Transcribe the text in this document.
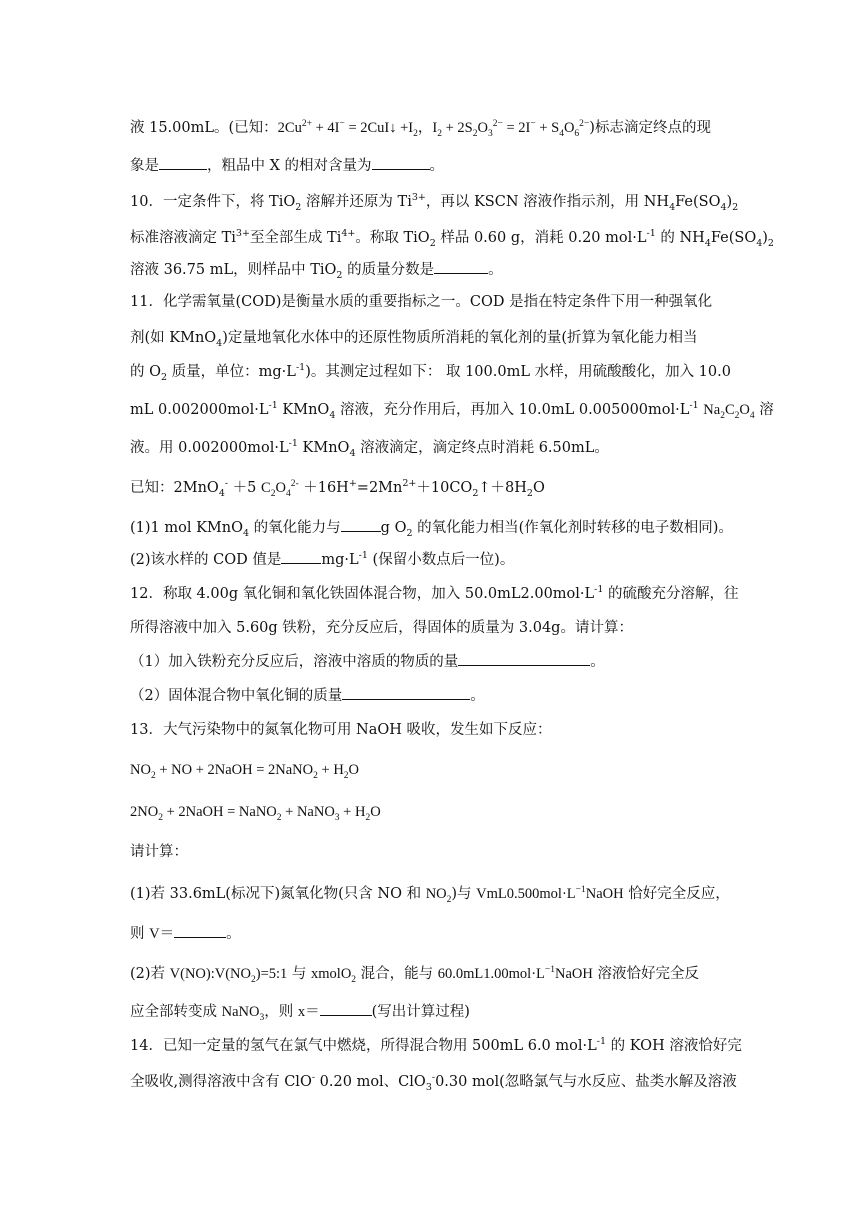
液 15.00mL。(已知：$2Cu^{2+} + 4I^-$ = 2CuI↓ $+I_2$，$I_2 + 2S_2O_3^{2-} = 2I^- + S_4O_6^{2-}$)标志滴定终点的现
象是	，粗品中 X 的相对含量为	。
10．一定条件下，将 TiO$_2$ 溶解并还原为 $Ti^{3+}$，再以 KSCN 溶液作指示剂，用 $NH_4Fe(SO_4)_2$
标准溶液滴定 $Ti^{3+}$至全部生成 $Ti^{4+}$。称取 TiO$_2$ 样品 0.60 g，消耗 0.20 $mol\cdot L^{-1}$ 的 $NH_4Fe(SO_4)_2$
溶液 36.75 mL，则样品中 TiO$_2$ 的质量分数是	。
11．化学需氧量(COD)是衡量水质的重要指标之一。COD 是指在特定条件下用一种强氧化
剂(如 KMnO$_4$)定量地氧化水体中的还原性物质所消耗的氧化剂的量(折算为氧化能力相当
的 $O_2$ 质量，单位：$mg\cdot L^{-1}$)。其测定过程如下： 取 100.0mL 水样，用硫酸酸化，加入 10.0
mL $0.002000mol\cdot L^{-1}$ KMnO$_4$ 溶液，充分作用后，再加入 10.0mL $0.005000mol\cdot L^{-1}$ $Na_2C_2O_4$ 溶
液。用 $0.002000mol\cdot L^{-1}$ KMnO$_4$ 溶液滴定，滴定终点时消耗 6.50mL。
已知：2MnO$_4$- ＋5 $C_2O_4^{2-}$ $+16H^+=2Mn^{2+}+10CO_2↑+8H_2O$
(1)1 mol KMnO$_4$ 的氧化能力与	g $O_2$ 的氧化能力相当(作氧化剂时转移的电子数相同)。
(2)该水样的 COD 值是	$mg\cdot L^{-1}$ (保留小数点后一位)。
12．称取 4.00g 氧化铜和氧化铁固体混合物，加入 $50.0mL2.00mol\cdot L^{-1}$ 的硫酸充分溶解，往
所得溶液中加入 5.60g 铁粉，充分反应后，得固体的质量为 3.04g。请计算：
（1）加入铁粉充分反应后，溶液中溶质的物质的量	。
（2）固体混合物中氧化铜的质量	。
13．大气污染物中的氮氧化物可用 NaOH 吸收，发生如下反应：
$NO_2$ + NO + 2NaOH = 2NaNO$_2$ + $H_2O$
$2NO_2$ + 2NaOH = NaNO$_2$ + NaNO$_3$ + $H_2O$
请计算：
(1)若 33.6mL(标况下)氮氧化物(只含 NO 和 $NO_2$)与 $VmL0.500mol\cdot L^{-1}NaOH$ 恰好完全反应，
则 V＝	。
(2)若 $V(NO):V(NO_2)=5:1$ 与 xmolO$_2$ 混合，能与 $60.0mL1.00mol\cdot L^{-1}NaOH$ 溶液恰好完全反
应全部转变成 NaNO$_3$，则 x＝	(写出计算过程)
14．已知一定量的氢气在氯气中燃烧，所得混合物用 500mL 6.0 $mol\cdot L^{-1}$ 的 KOH 溶液恰好完
全吸收,测得溶液中含有 ClO- 0.20 mol、ClO$_3$-0.30 mol(忽略氯气与水反应、盐类水解及溶液
